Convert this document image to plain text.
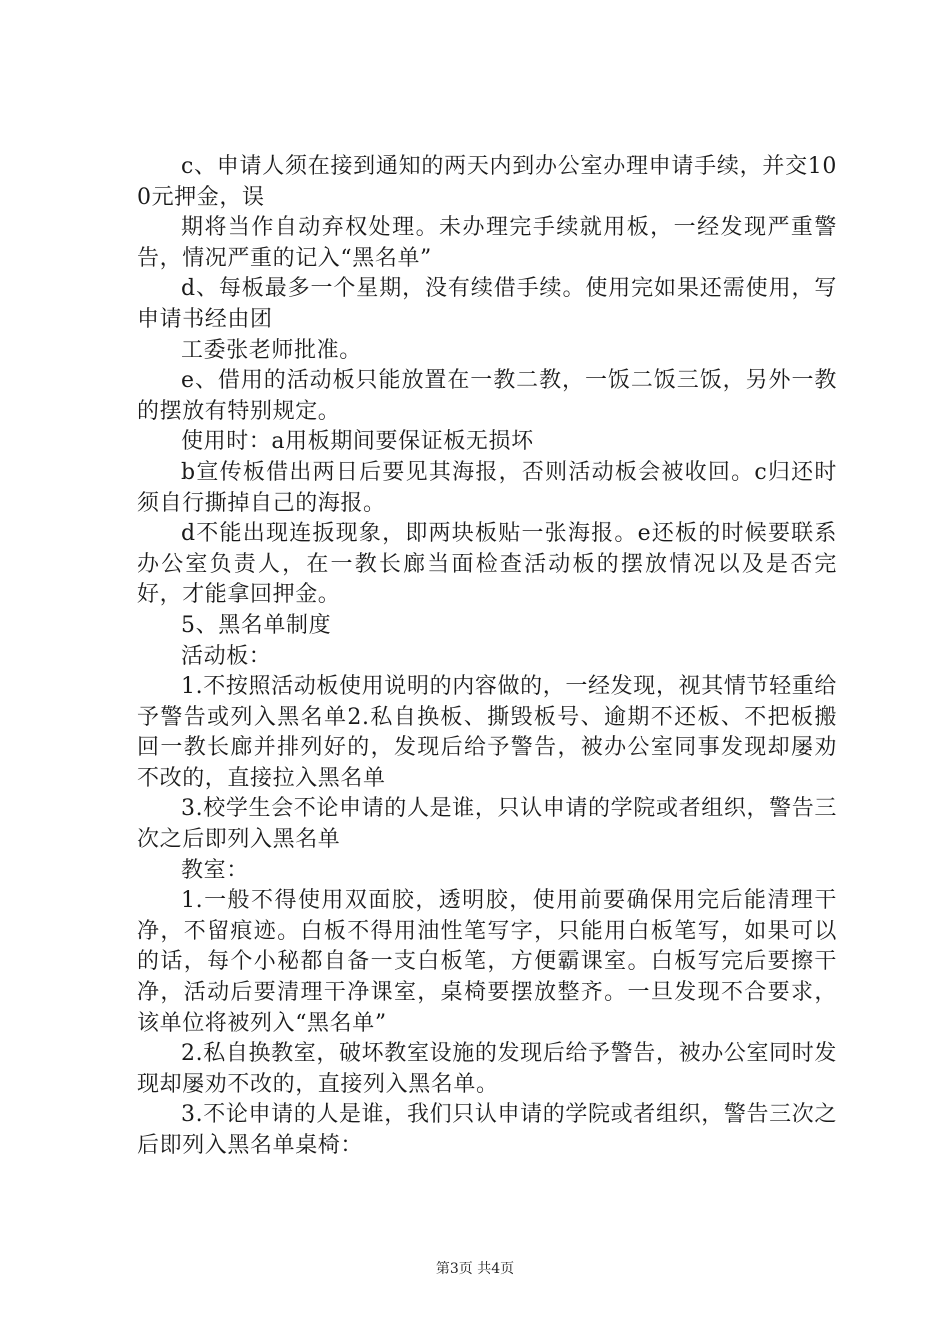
c、申请人须在接到通知的两天内到办公室办理申请手续，并交100元押金，误

期将当作自动弃权处理。未办理完手续就用板，一经发现严重警告，情况严重的记入“黑名单”

d、每板最多一个星期，没有续借手续。使用完如果还需使用，写申请书经由团

工委张老师批准。

e、借用的活动板只能放置在一教二教，一饭二饭三饭，另外一教的摆放有特别规定。

使用时：a用板期间要保证板无损坏

b宣传板借出两日后要见其海报，否则活动板会被收回。c归还时须自行撕掉自己的海报。

d不能出现连扳现象，即两块板贴一张海报。e还板的时候要联系办公室负责人，在一教长廊当面检查活动板的摆放情况以及是否完好，才能拿回押金。

5、黑名单制度

活动板：

1.不按照活动板使用说明的内容做的，一经发现，视其情节轻重给予警告或列入黑名单2.私自换板、撕毁板号、逾期不还板、不把板搬回一教长廊并排列好的，发现后给予警告，被办公室同事发现却屡劝不改的，直接拉入黑名单

3.校学生会不论申请的人是谁，只认申请的学院或者组织，警告三次之后即列入黑名单

教室：

1.一般不得使用双面胶，透明胶，使用前要确保用完后能清理干净，不留痕迹。白板不得用油性笔写字，只能用白板笔写，如果可以的话，每个小秘都自备一支白板笔，方便霸课室。白板写完后要擦干净，活动后要清理干净课室，桌椅要摆放整齐。一旦发现不合要求，该单位将被列入“黑名单”

2.私自换教室，破坏教室设施的发现后给予警告，被办公室同时发现却屡劝不改的，直接列入黑名单。

3.不论申请的人是谁，我们只认申请的学院或者组织，警告三次之后即列入黑名单桌椅：

第3页 共4页
